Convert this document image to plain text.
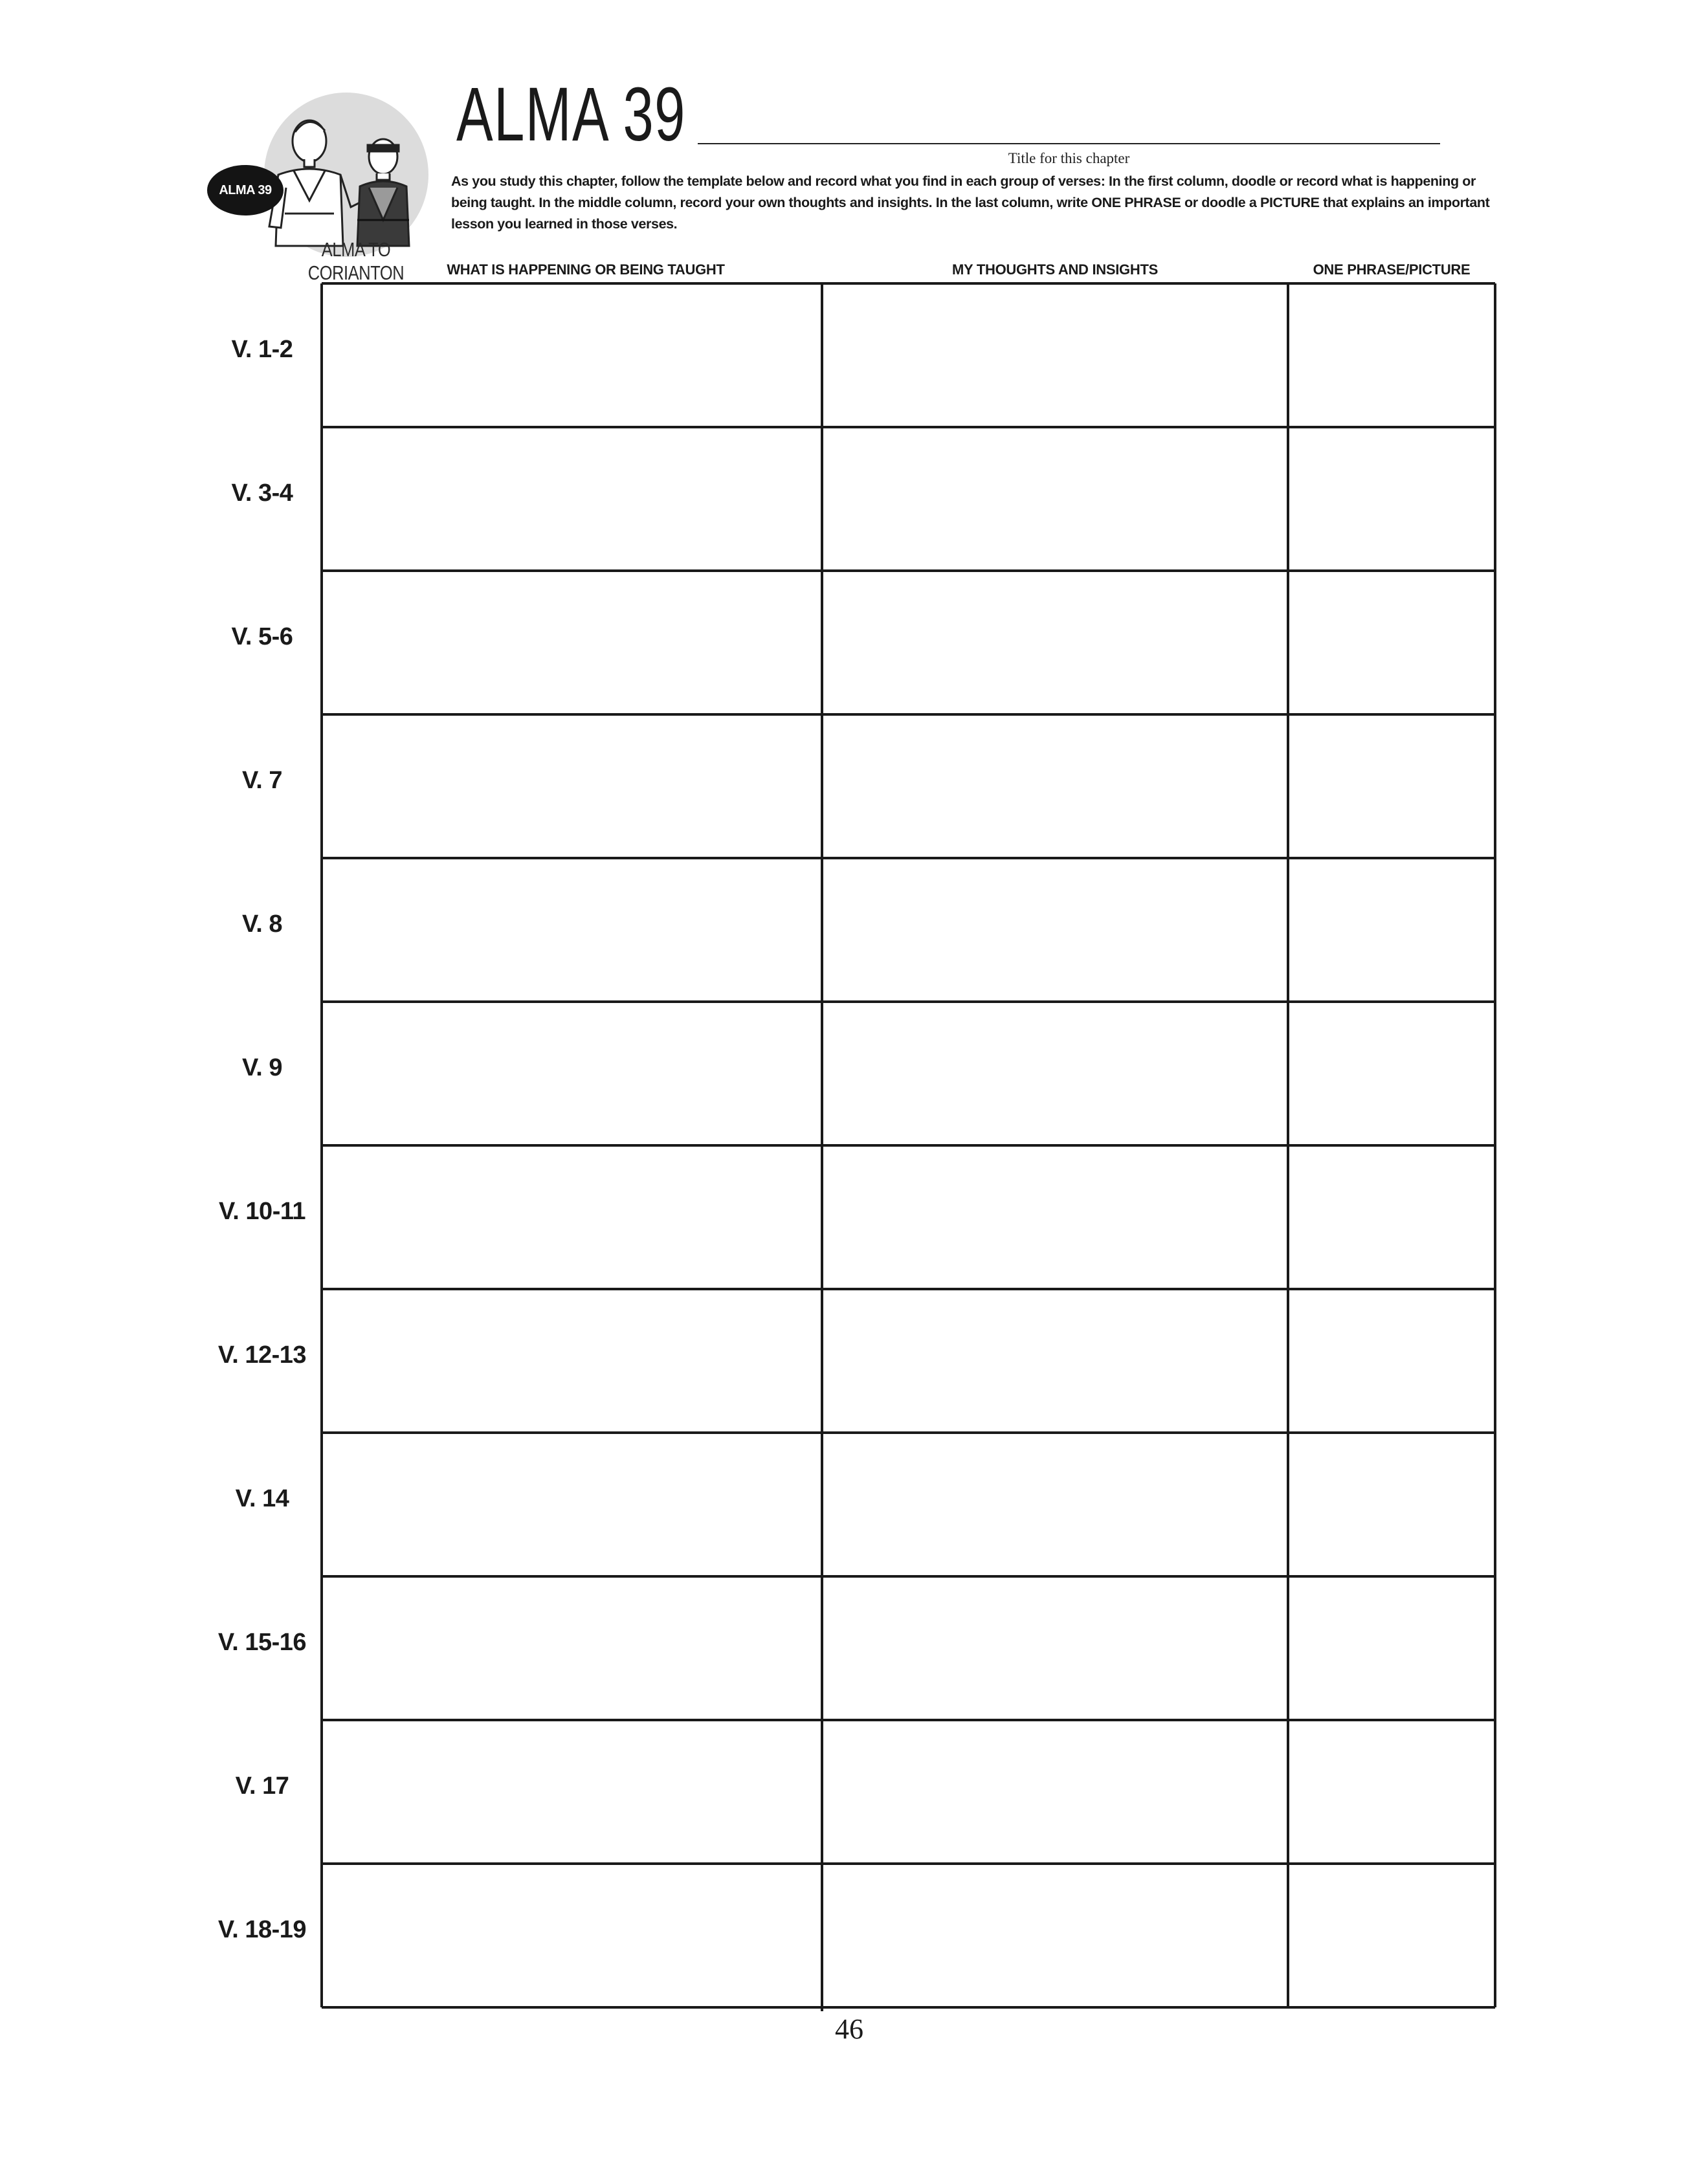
ALMA 39
ALMA TO CORIANTON
ALMA 39
Title for this chapter
As you study this chapter, follow the template below and record what you find in each group of verses: In the first column, doodle or record what is happening or being taught. In the middle column, record your own thoughts and insights. In the last column, write ONE PHRASE or doodle a PICTURE that explains an important lesson you learned in those verses.
WHAT IS HAPPENING OR BEING TAUGHT	MY THOUGHTS AND INSIGHTS	ONE PHRASE/PICTURE
V. 1-2
V. 3-4
V. 5-6
V. 7
V. 8
V. 9
V. 10-11
V. 12-13
V. 14
V. 15-16
V. 17
V. 18-19
46
